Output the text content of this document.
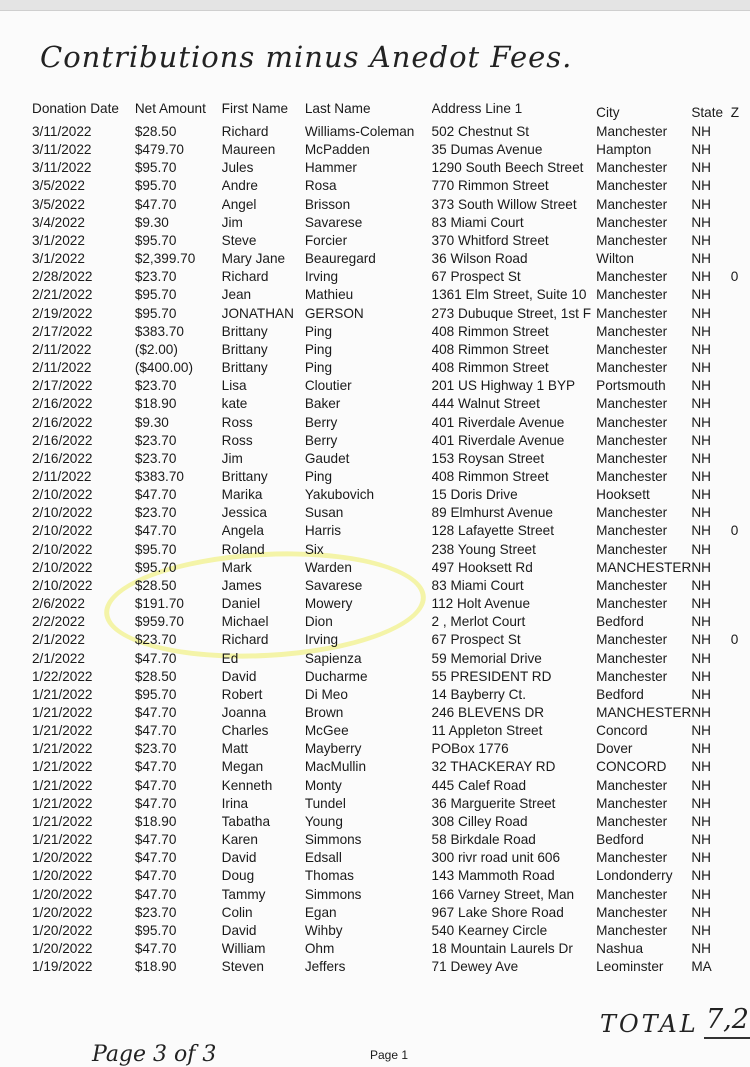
Contributions minus Anedot Fees.
Donation Date	Net Amount	First Name	Last Name	Address Line 1	City	State	Z
3/11/2022	$28.50	Richard	Williams-Coleman	502 Chestnut St	Manchester	NH	
3/11/2022	$479.70	Maureen	McPadden	35 Dumas Avenue	Hampton	NH	
3/11/2022	$95.70	Jules	Hammer	1290 South Beech Street	Manchester	NH	
3/5/2022	$95.70	Andre	Rosa	770 Rimmon Street	Manchester	NH	
3/5/2022	$47.70	Angel	Brisson	373 South Willow Street	Manchester	NH	
3/4/2022	$9.30	Jim	Savarese	83 Miami Court	Manchester	NH	
3/1/2022	$95.70	Steve	Forcier	370 Whitford Street	Manchester	NH	
3/1/2022	$2,399.70	Mary Jane	Beauregard	36 Wilson Road	Wilton	NH	
2/28/2022	$23.70	Richard	Irving	67 Prospect St	Manchester	NH	0
2/21/2022	$95.70	Jean	Mathieu	1361 Elm Street, Suite 10	Manchester	NH	
2/19/2022	$95.70	JONATHAN	GERSON	273 Dubuque Street, 1st F	Manchester	NH	
2/17/2022	$383.70	Brittany	Ping	408 Rimmon Street	Manchester	NH	
2/11/2022	($2.00)	Brittany	Ping	408 Rimmon Street	Manchester	NH	
2/11/2022	($400.00)	Brittany	Ping	408 Rimmon Street	Manchester	NH	
2/17/2022	$23.70	Lisa	Cloutier	201 US Highway 1 BYP	Portsmouth	NH	
2/16/2022	$18.90	kate	Baker	444 Walnut Street	Manchester	NH	
2/16/2022	$9.30	Ross	Berry	401 Riverdale Avenue	Manchester	NH	
2/16/2022	$23.70	Ross	Berry	401 Riverdale Avenue	Manchester	NH	
2/16/2022	$23.70	Jim	Gaudet	153 Roysan Street	Manchester	NH	
2/11/2022	$383.70	Brittany	Ping	408 Rimmon Street	Manchester	NH	
2/10/2022	$47.70	Marika	Yakubovich	15 Doris Drive	Hooksett	NH	
2/10/2022	$23.70	Jessica	Susan	89 Elmhurst Avenue	Manchester	NH	
2/10/2022	$47.70	Angela	Harris	128 Lafayette Street	Manchester	NH	0
2/10/2022	$95.70	Roland	Six	238 Young Street	Manchester	NH	
2/10/2022	$95.70	Mark	Warden	497 Hooksett Rd	MANCHESTER	NH	
2/10/2022	$28.50	James	Savarese	83 Miami Court	Manchester	NH	
2/6/2022	$191.70	Daniel	Mowery	112 Holt Avenue	Manchester	NH	
2/2/2022	$959.70	Michael	Dion	2 , Merlot Court	Bedford	NH	
2/1/2022	$23.70	Richard	Irving	67 Prospect St	Manchester	NH	0
2/1/2022	$47.70	Ed	Sapienza	59 Memorial Drive	Manchester	NH	
1/22/2022	$28.50	David	Ducharme	55 PRESIDENT RD	Manchester	NH	
1/21/2022	$95.70	Robert	Di Meo	14 Bayberry Ct.	Bedford	NH	
1/21/2022	$47.70	Joanna	Brown	246 BLEVENS DR	MANCHESTER	NH	
1/21/2022	$47.70	Charles	McGee	11 Appleton Street	Concord	NH	
1/21/2022	$23.70	Matt	Mayberry	POBox 1776	Dover	NH	
1/21/2022	$47.70	Megan	MacMullin	32 THACKERAY RD	CONCORD	NH	
1/21/2022	$47.70	Kenneth	Monty	445 Calef Road	Manchester	NH	
1/21/2022	$47.70	Irina	Tundel	36 Marguerite Street	Manchester	NH	
1/21/2022	$18.90	Tabatha	Young	308 Cilley Road	Manchester	NH	
1/21/2022	$47.70	Karen	Simmons	58 Birkdale Road	Bedford	NH	
1/20/2022	$47.70	David	Edsall	300 rivr road unit 606	Manchester	NH	
1/20/2022	$47.70	Doug	Thomas	143 Mammoth Road	Londonderry	NH	
1/20/2022	$47.70	Tammy	Simmons	166 Varney Street, Man	Manchester	NH	
1/20/2022	$23.70	Colin	Egan	967 Lake Shore Road	Manchester	NH	
1/20/2022	$95.70	David	Wihby	540 Kearney Circle	Manchester	NH	
1/20/2022	$47.70	William	Ohm	18 Mountain Laurels Dr	Nashua	NH	
1/19/2022	$18.90	Steven	Jeffers	71 Dewey Ave	Leominster	MA	
TOTAL 7,2
Page 3 of 3	Page 1
